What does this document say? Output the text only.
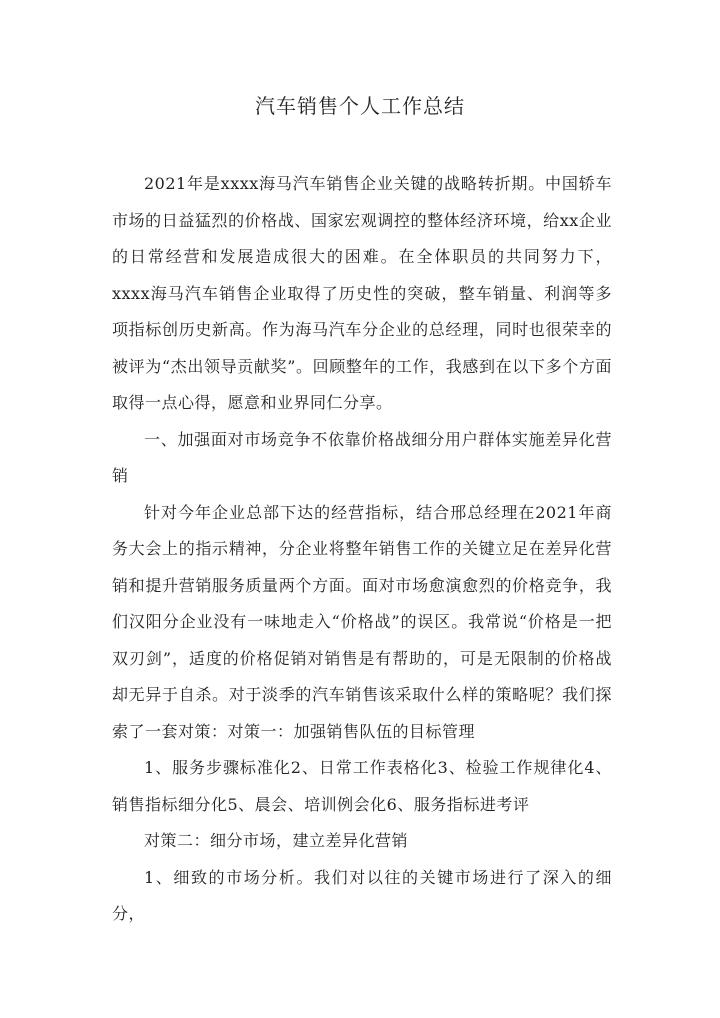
汽车销售个人工作总结

2021年是xxxx海马汽车销售企业关键的战略转折期。中国轿车市场的日益猛烈的价格战、国家宏观调控的整体经济环境，给xx企业的日常经营和发展造成很大的困难。在全体职员的共同努力下，xxxx海马汽车销售企业取得了历史性的突破，整车销量、利润等多项指标创历史新高。作为海马汽车分企业的总经理，同时也很荣幸的被评为“杰出领导贡献奖”。回顾整年的工作，我感到在以下多个方面取得一点心得，愿意和业界同仁分享。

一、加强面对市场竞争不依靠价格战细分用户群体实施差异化营销

针对今年企业总部下达的经营指标，结合邢总经理在2021年商务大会上的指示精神，分企业将整年销售工作的关键立足在差异化营销和提升营销服务质量两个方面。面对市场愈演愈烈的价格竞争，我们汉阳分企业没有一味地走入“价格战”的误区。我常说“价格是一把双刃剑”，适度的价格促销对销售是有帮助的，可是无限制的价格战却无异于自杀。对于淡季的汽车销售该采取什么样的策略呢？我们探索了一套对策：对策一：加强销售队伍的目标管理

1、服务步骤标准化2、日常工作表格化3、检验工作规律化4、销售指标细分化5、晨会、培训例会化6、服务指标进考评

对策二：细分市场，建立差异化营销

1、细致的市场分析。我们对以往的关键市场进行了深入的细分，
